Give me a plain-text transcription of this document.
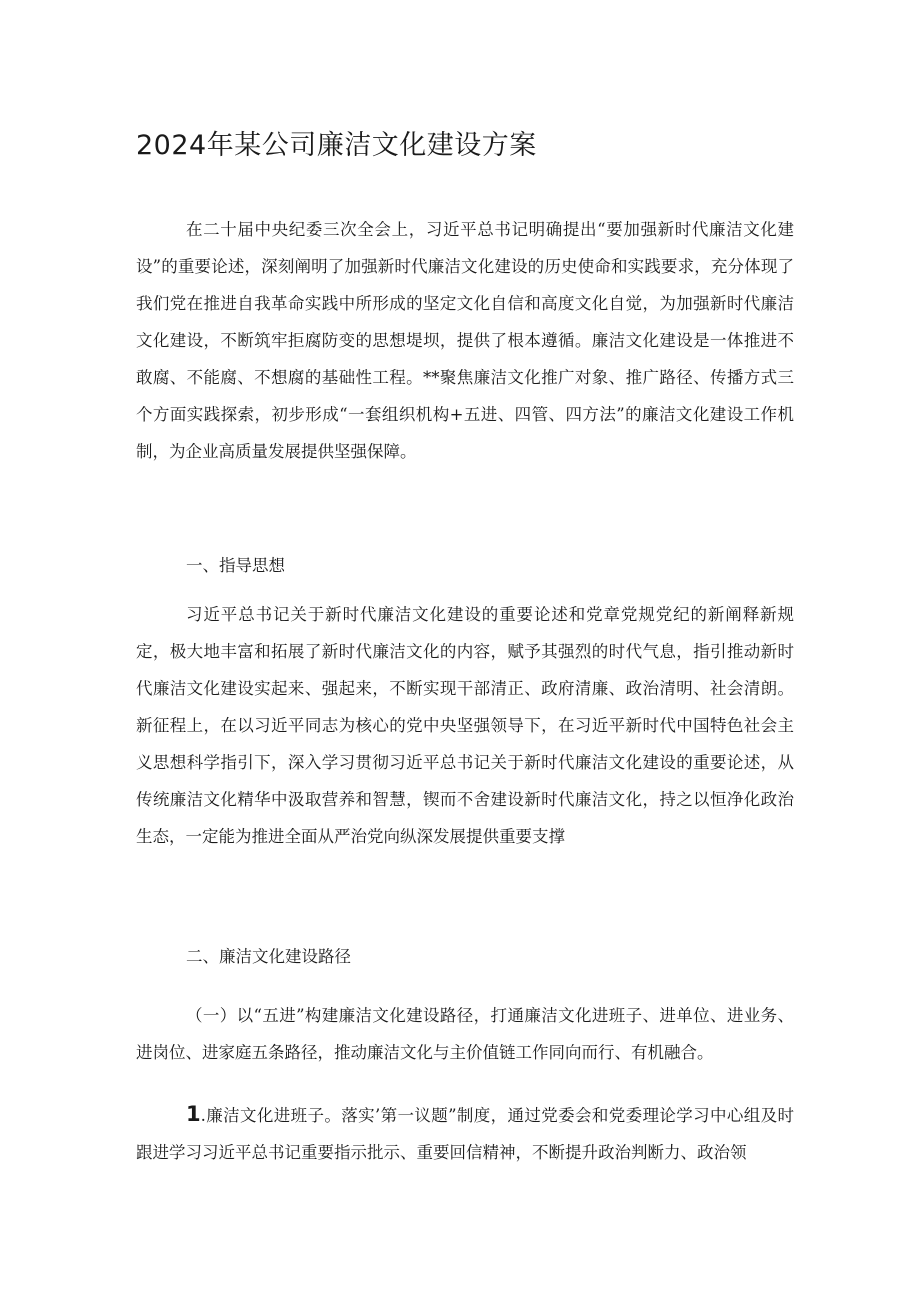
2024年某公司廉洁文化建设方案

在二十届中央纪委三次全会上，习近平总书记明确提出“要加强新时代廉洁文化建设”的重要论述，深刻阐明了加强新时代廉洁文化建设的历史使命和实践要求，充分体现了我们党在推进自我革命实践中所形成的坚定文化自信和高度文化自觉，为加强新时代廉洁文化建设，不断筑牢拒腐防变的思想堤坝，提供了根本遵循。廉洁文化建设是一体推进不敢腐、不能腐、不想腐的基础性工程。**聚焦廉洁文化推广对象、推广路径、传播方式三个方面实践探索，初步形成“一套组织机构+五进、四管、四方法”的廉洁文化建设工作机制，为企业高质量发展提供坚强保障。

一、指导思想

习近平总书记关于新时代廉洁文化建设的重要论述和党章党规党纪的新阐释新规定，极大地丰富和拓展了新时代廉洁文化的内容，赋予其强烈的时代气息，指引推动新时代廉洁文化建设实起来、强起来，不断实现干部清正、政府清廉、政治清明、社会清朗。新征程上，在以习近平同志为核心的党中央坚强领导下，在习近平新时代中国特色社会主义思想科学指引下，深入学习贯彻习近平总书记关于新时代廉洁文化建设的重要论述，从传统廉洁文化精华中汲取营养和智慧，锲而不舍建设新时代廉洁文化，持之以恒净化政治生态，一定能为推进全面从严治党向纵深发展提供重要支撑

二、廉洁文化建设路径

（一）以“五进”构建廉洁文化建设路径，打通廉洁文化进班子、进单位、进业务、进岗位、进家庭五条路径，推动廉洁文化与主价值链工作同向而行、有机融合。

1.廉洁文化进班子。落实’第一议题”制度，通过党委会和党委理论学习中心组及时跟进学习习近平总书记重要指示批示、重要回信精神，不断提升政治判断力、政治领
